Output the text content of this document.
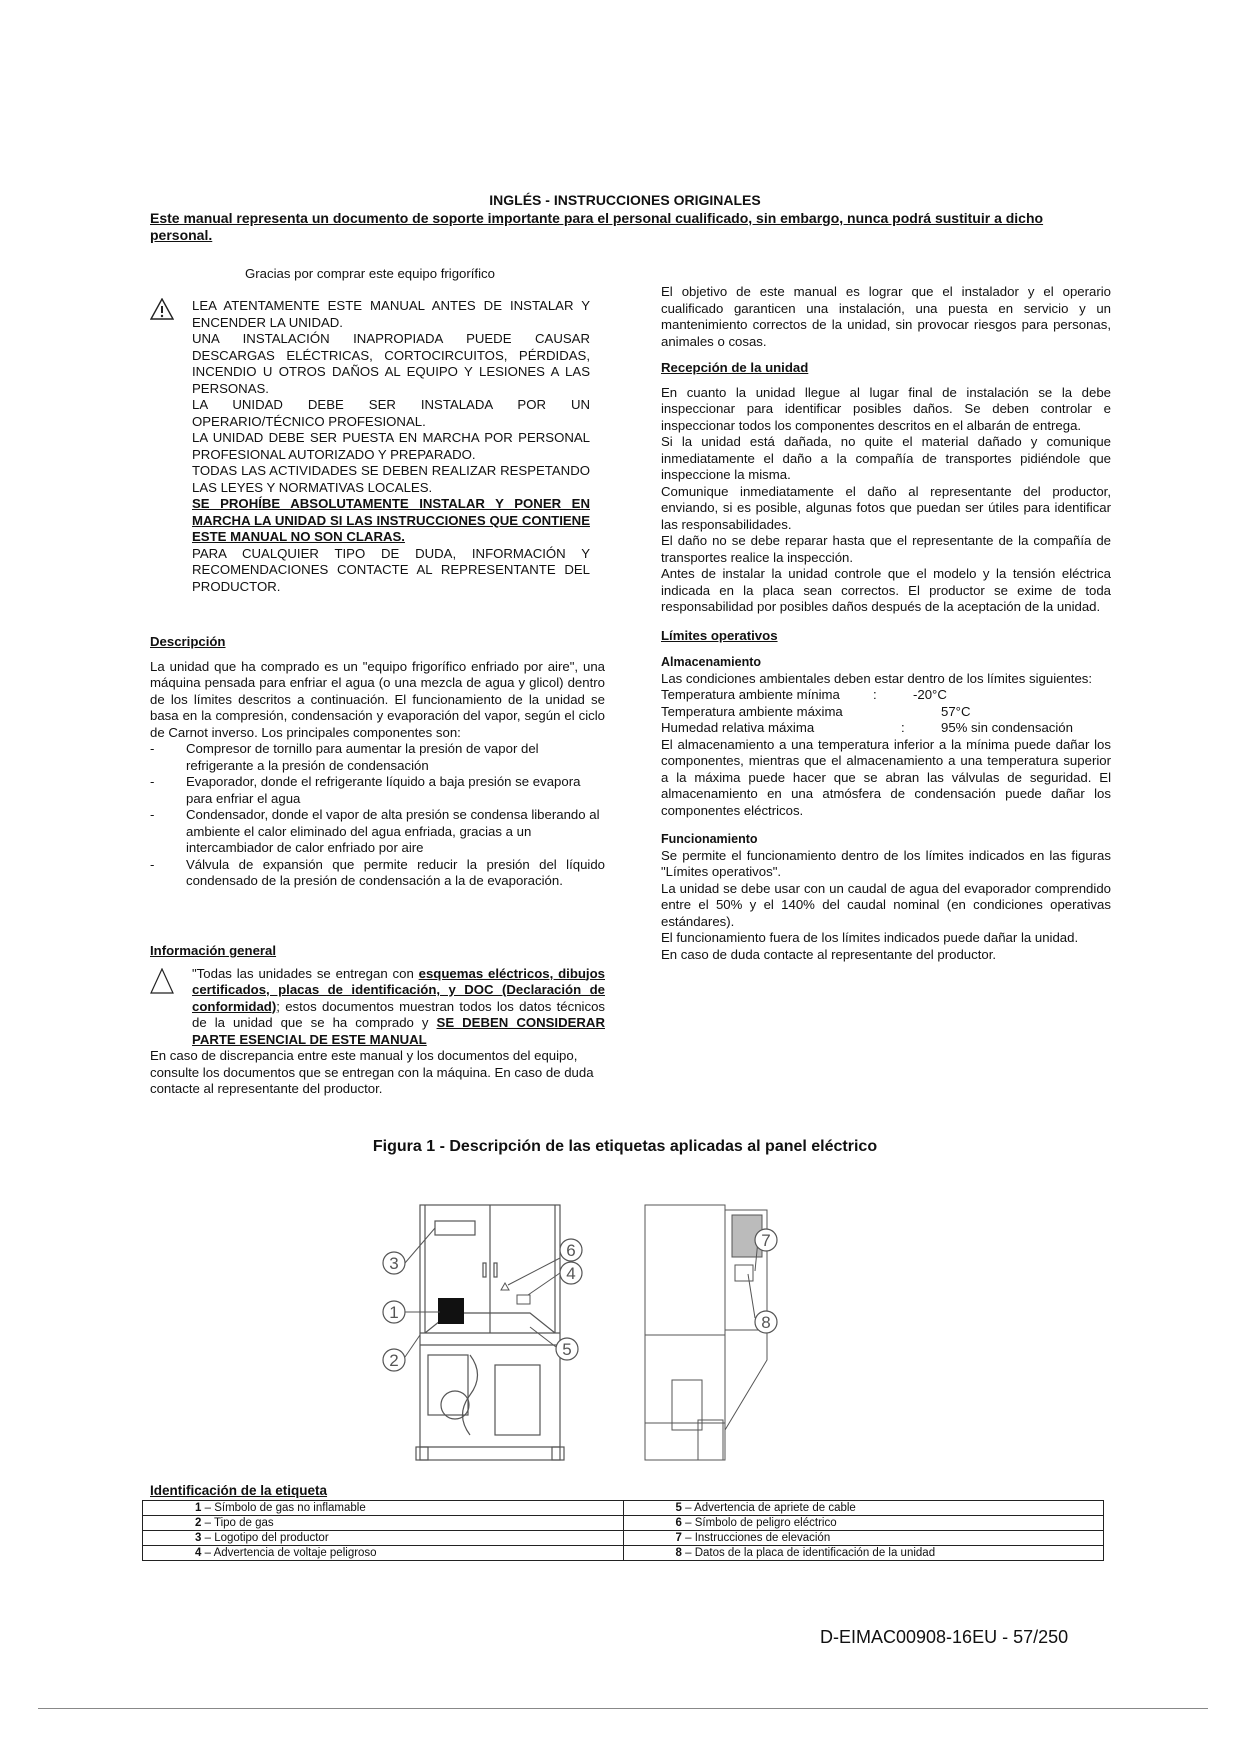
INGLÉS - INSTRUCCIONES ORIGINALES
Este manual representa un documento de soporte importante para el personal cualificado, sin embargo, nunca podrá sustituir a dicho personal.
Gracias por comprar este equipo frigorífico

LEA ATENTAMENTE ESTE MANUAL ANTES DE INSTALAR Y ENCENDER LA UNIDAD.

UNA INSTALACIÓN INAPROPIADA PUEDE CAUSAR DESCARGAS ELÉCTRICAS, CORTOCIRCUITOS, PÉRDIDAS, INCENDIO U OTROS DAÑOS AL EQUIPO Y LESIONES A LAS PERSONAS.

LA UNIDAD DEBE SER INSTALADA POR UN OPERARIO/TÉCNICO PROFESIONAL.

LA UNIDAD DEBE SER PUESTA EN MARCHA POR PERSONAL PROFESIONAL AUTORIZADO Y PREPARADO.

TODAS LAS ACTIVIDADES SE DEBEN REALIZAR RESPETANDO LAS LEYES Y NORMATIVAS LOCALES.

SE PROHÍBE ABSOLUTAMENTE INSTALAR Y PONER EN MARCHA LA UNIDAD SI LAS INSTRUCCIONES QUE CONTIENE ESTE MANUAL NO SON CLARAS.

PARA CUALQUIER TIPO DE DUDA, INFORMACIÓN Y RECOMENDACIONES CONTACTE AL REPRESENTANTE DEL PRODUCTOR.

Descripción

La unidad que ha comprado es un "equipo frigorífico enfriado por aire", una máquina pensada para enfriar el agua (o una mezcla de agua y glicol) dentro de los límites descritos a continuación. El funcionamiento de la unidad se basa en la compresión, condensación y evaporación del vapor, según el ciclo de Carnot inverso. Los principales componentes son:

- Compresor de tornillo para aumentar la presión de vapor del refrigerante a la presión de condensación
- Evaporador, donde el refrigerante líquido a baja presión se evapora para enfriar el agua
- Condensador, donde el vapor de alta presión se condensa liberando al ambiente el calor eliminado del agua enfriada, gracias a un intercambiador de calor enfriado por aire
- Válvula de expansión que permite reducir la presión del líquido condensado de la presión de condensación a la de evaporación.
Información general

"Todas las unidades se entregan con esquemas eléctricos, dibujos certificados, placas de identificación, y DOC (Declaración de conformidad); estos documentos muestran todos los datos técnicos de la unidad que se ha comprado y SE DEBEN CONSIDERAR PARTE ESENCIAL DE ESTE MANUAL

En caso de discrepancia entre este manual y los documentos del equipo, consulte los documentos que se entregan con la máquina. En caso de duda contacte al representante del productor.

El objetivo de este manual es lograr que el instalador y el operario cualificado garanticen una instalación, una puesta en servicio y un mantenimiento correctos de la unidad, sin provocar riesgos para personas, animales o cosas.

Recepción de la unidad

En cuanto la unidad llegue al lugar final de instalación se la debe inspeccionar para identificar posibles daños. Se deben controlar e inspeccionar todos los componentes descritos en el albarán de entrega.

Si la unidad está dañada, no quite el material dañado y comunique inmediatamente el daño a la compañía de transportes pidiéndole que inspeccione la misma.

Comunique inmediatamente el daño al representante del productor, enviando, si es posible, algunas fotos que puedan ser útiles para identificar las responsabilidades.

El daño no se debe reparar hasta que el representante de la compañía de transportes realice la inspección.

Antes de instalar la unidad controle que el modelo y la tensión eléctrica indicada en la placa sean correctos. El productor se exime de toda responsabilidad por posibles daños después de la aceptación de la unidad.

Límites operativos
Almacenamiento

Las condiciones ambientales deben estar dentro de los límites siguientes:

Temperatura ambiente mínima	:	-20°C
Temperatura ambiente máxima	57°C
Humedad relativa máxima	:	95% sin condensación

El almacenamiento a una temperatura inferior a la mínima puede dañar los componentes, mientras que el almacenamiento a una temperatura superior a la máxima puede hacer que se abran las válvulas de seguridad. El almacenamiento en una atmósfera de condensación puede dañar los componentes eléctricos.

Funcionamiento

Se permite el funcionamiento dentro de los límites indicados en las figuras "Límites operativos".

La unidad se debe usar con un caudal de agua del evaporador comprendido entre el 50% y el 140% del caudal nominal (en condiciones operativas estándares).

El funcionamiento fuera de los límites indicados puede dañar la unidad.

En caso de duda contacte al representante del productor.

Figura 1 - Descripción de las etiquetas aplicadas al panel eléctrico
1
2
3
4
5
6
7
8
Identificación de la etiqueta
1 – Símbolo de gas no inflamable	5 – Advertencia de apriete de cable
2 – Tipo de gas	6 – Símbolo de peligro eléctrico
3 – Logotipo del productor	7 – Instrucciones de elevación
4 – Advertencia de voltaje peligroso	8 – Datos de la placa de identificación de la unidad
D-EIMAC00908-16EU - 57/250
